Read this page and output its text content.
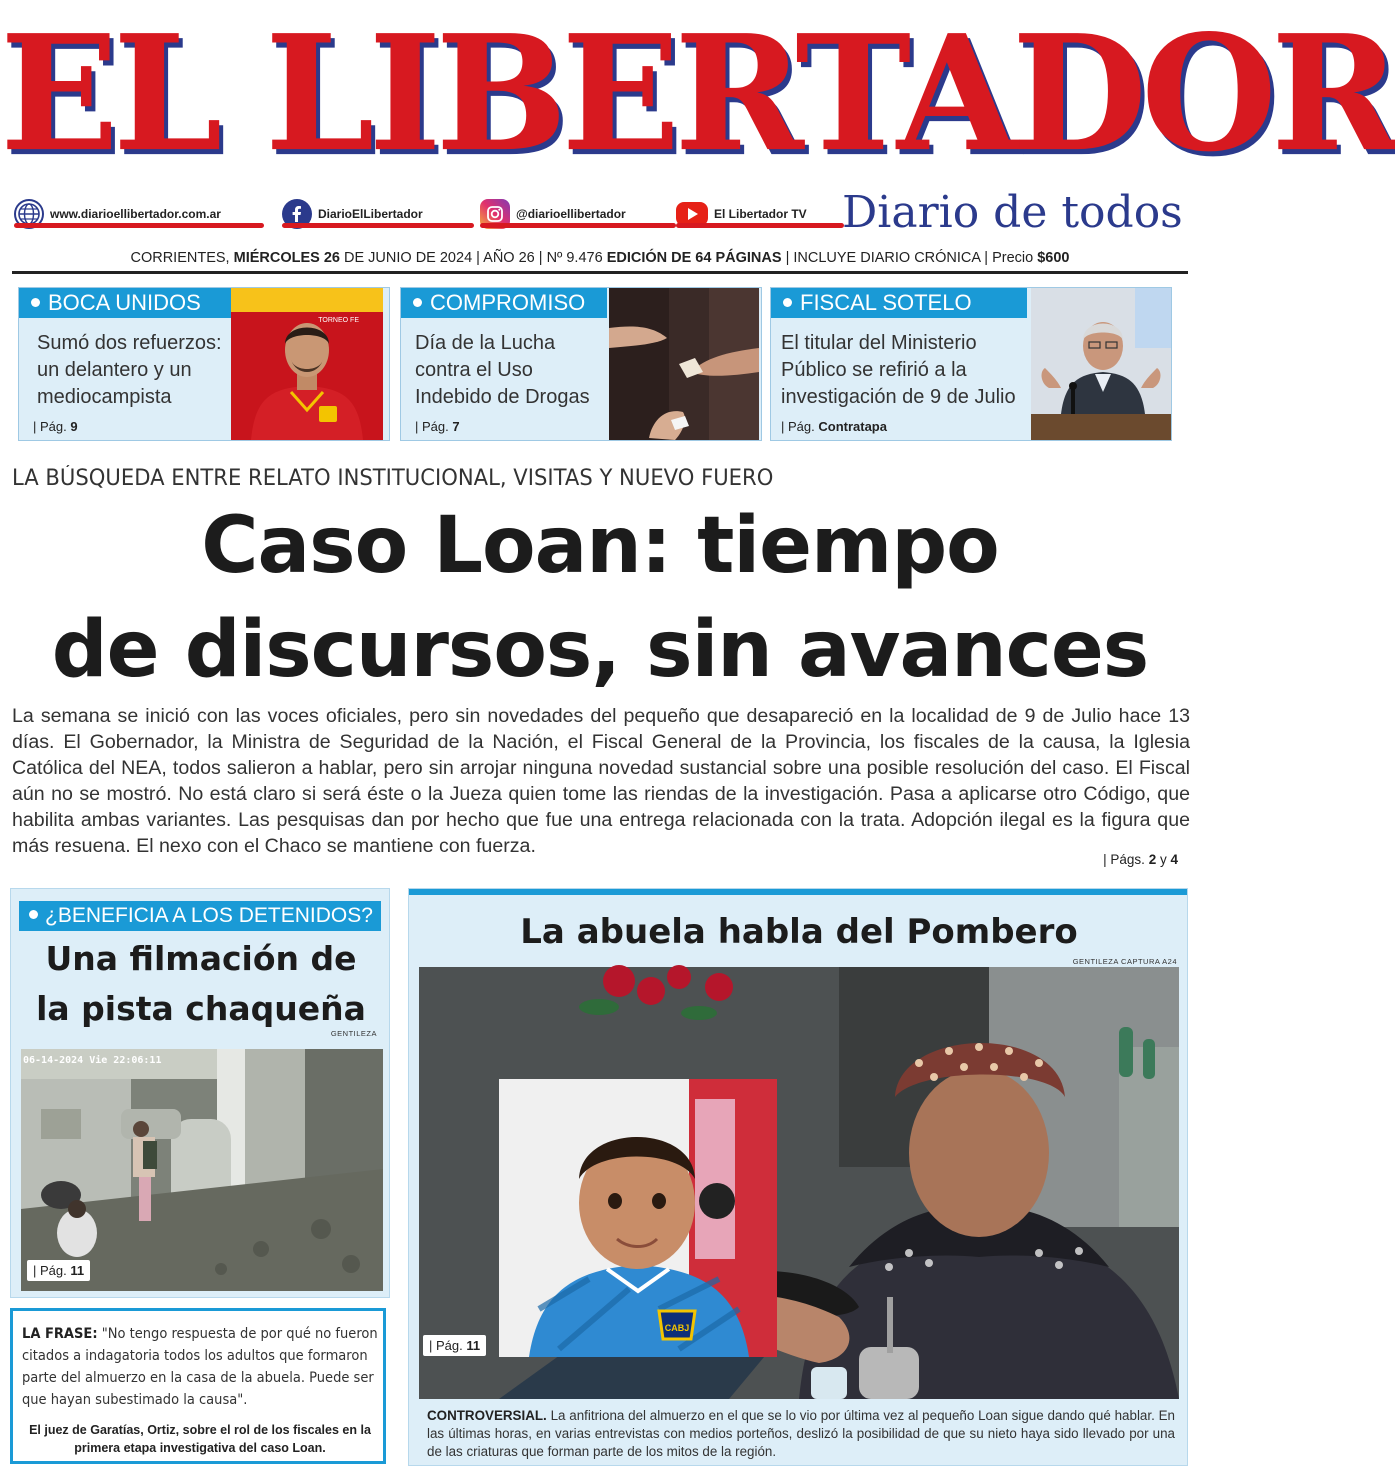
EL LIBERTADOR
www.diarioellibertador.com.ar	DiarioElLibertador	@diarioellibertador	El Libertador TV Diario de todos
CORRIENTES, MIÉRCOLES 26 DE JUNIO DE 2024 | AÑO 26 | Nº 9.476 EDICIÓN DE 64 PÁGINAS | INCLUYE DIARIO CRÓNICA | Precio $600
BOCA UNIDOS
Sumó dos refuerzos: un delantero y un mediocampista
| Pág. 9
TORNEO FE
COMPROMISO
Día de la Lucha contra el Uso Indebido de Drogas
| Pág. 7
FISCAL SOTELO
El titular del Ministerio Público se refirió a la investigación de 9 de Julio
| Pág. Contratapa
LA BÚSQUEDA ENTRE RELATO INSTITUCIONAL, VISITAS Y NUEVO FUERO
Caso Loan: tiempo
de discursos, sin avances

La semana se inició con las voces oficiales, pero sin novedades del pequeño que desapareció en la localidad de 9 de Julio hace 13 días. El Gobernador, la Ministra de Seguridad de la Nación, el Fiscal General de la Provincia, los fiscales de la causa, la Iglesia Católica del NEA, todos salieron a hablar, pero sin arrojar ninguna novedad sustancial sobre una posible resolución del caso. El Fiscal aún no se mostró. No está claro si será éste o la Jueza quien tome las riendas de la investigación. Pasa a aplicarse otro Código, que habilita ambas variantes. Las pesquisas dan por hecho que fue una entrega relacionada con la trata. Adopción ilegal es la figura que más resuena. El nexo con el Chaco se mantiene con fuerza.

| Págs. 2 y 4
¿BENEFICIA A LOS DETENIDOS?
Una filmación de
la pista chaqueña
GENTILEZA
06-14-2024 Vie 22:06:11
| Pág. 11
LA FRASE: "No tengo respuesta de por qué no fueron citados a indagatoria todos los adultos que formaron parte del almuerzo en la casa de la abuela. Puede ser que hayan subestimado la causa".
El juez de Garatías, Ortiz, sobre el rol de los fiscales en la primera etapa investigativa del caso Loan.
La abuela habla del Pombero
GENTILEZA CAPTURA A24
CABJ
| Pág. 11

CONTROVERSIAL. La anfitriona del almuerzo en el que se lo vio por última vez al pequeño Loan sigue dando qué hablar. En las últimas horas, en varias entrevistas con medios porteños, deslizó la posibilidad de que su nieto haya sido llevado por una de las criaturas que forman parte de los mitos de la región.
